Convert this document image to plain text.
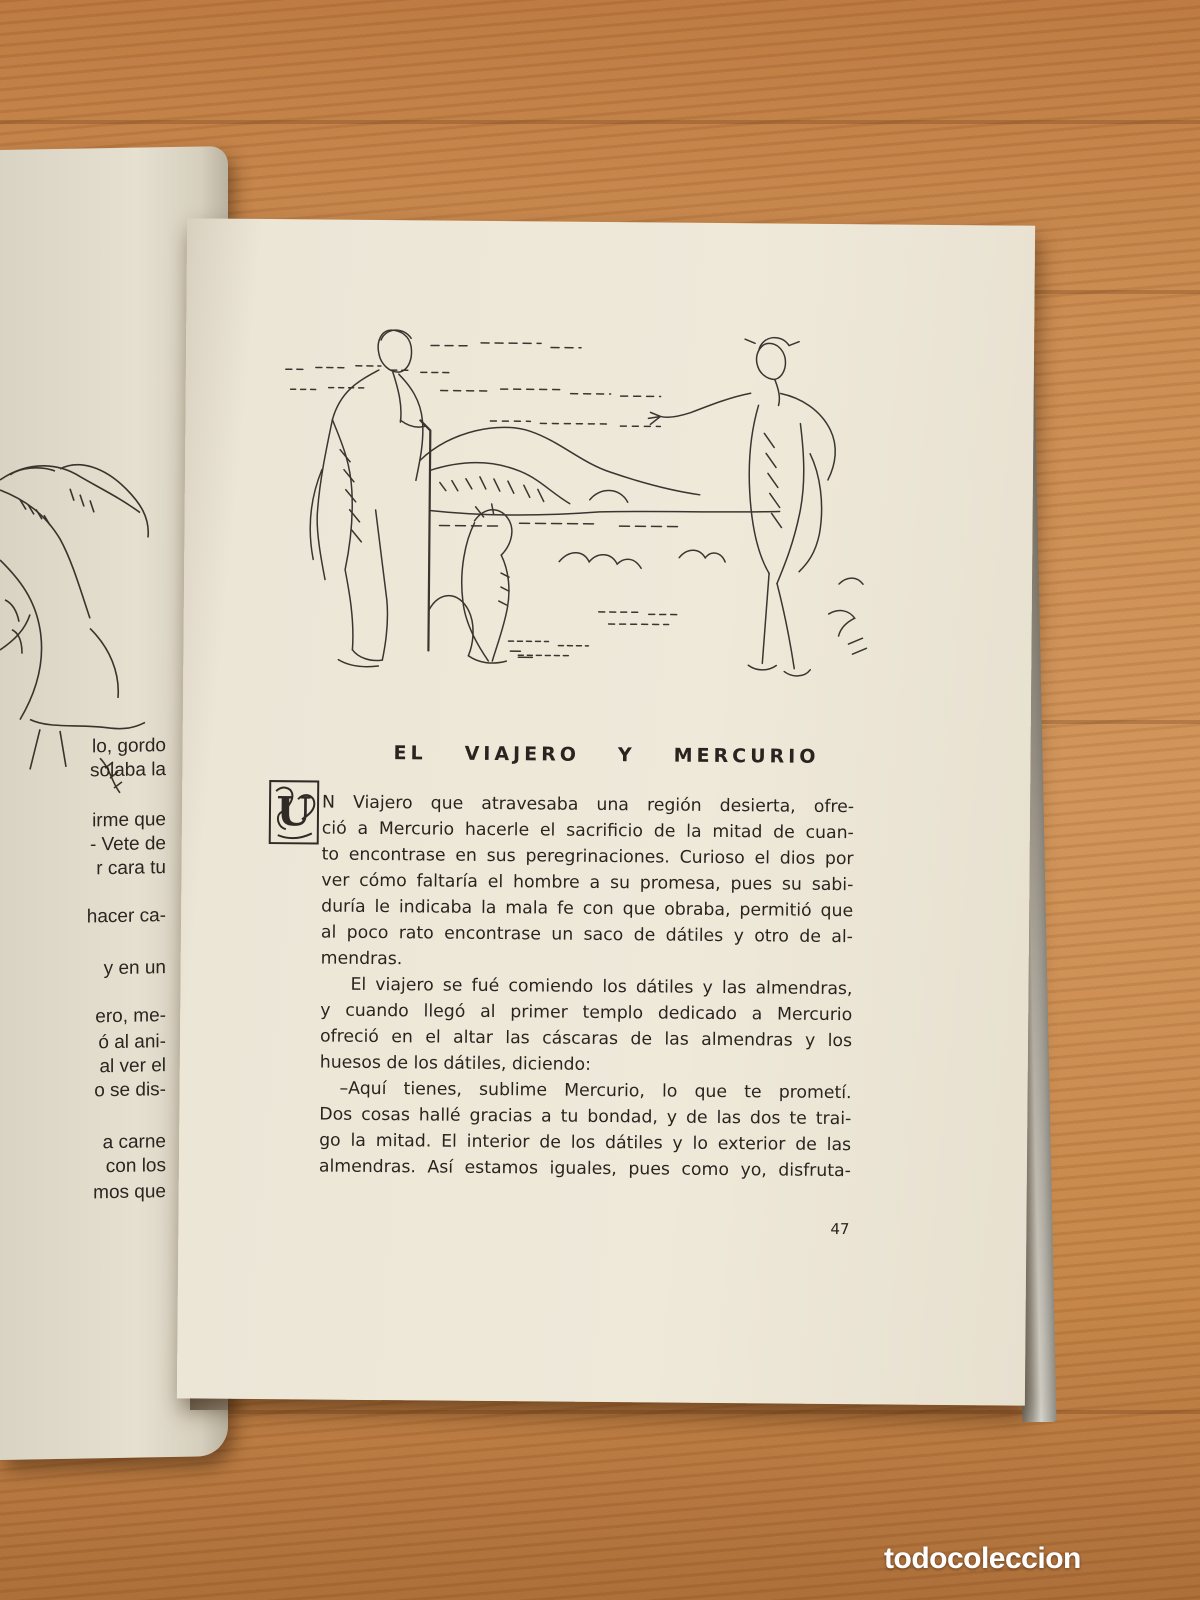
lo, gordo
solaba la
irme que
- Vete de
r cara tu
hacer ca-
y en un
ero, me-
ó al ani-
al ver el
o se dis-
a carne
con los
mos que
EL VIAJERO Y MERCURIO
U N Viajero que atravesaba una región desierta, ofre-
ció a Mercurio hacerle el sacrificio de la mitad de cuan-
to encontrase en sus peregrinaciones. Curioso el dios por
ver cómo faltaría el hombre a su promesa, pues su sabi-
duría le indicaba la mala fe con que obraba, permitió que
al poco rato encontrase un saco de dátiles y otro de al-
mendras.
El viajero se fué comiendo los dátiles y las almendras,
y cuando llegó al primer templo dedicado a Mercurio
ofreció en el altar las cáscaras de las almendras y los
huesos de los dátiles, diciendo:
–Aquí tienes, sublime Mercurio, lo que te prometí.
Dos cosas hallé gracias a tu bondad, y de las dos te trai-
go la mitad. El interior de los dátiles y lo exterior de las
almendras. Así estamos iguales, pues como yo, disfruta-
47
todocoleccion
